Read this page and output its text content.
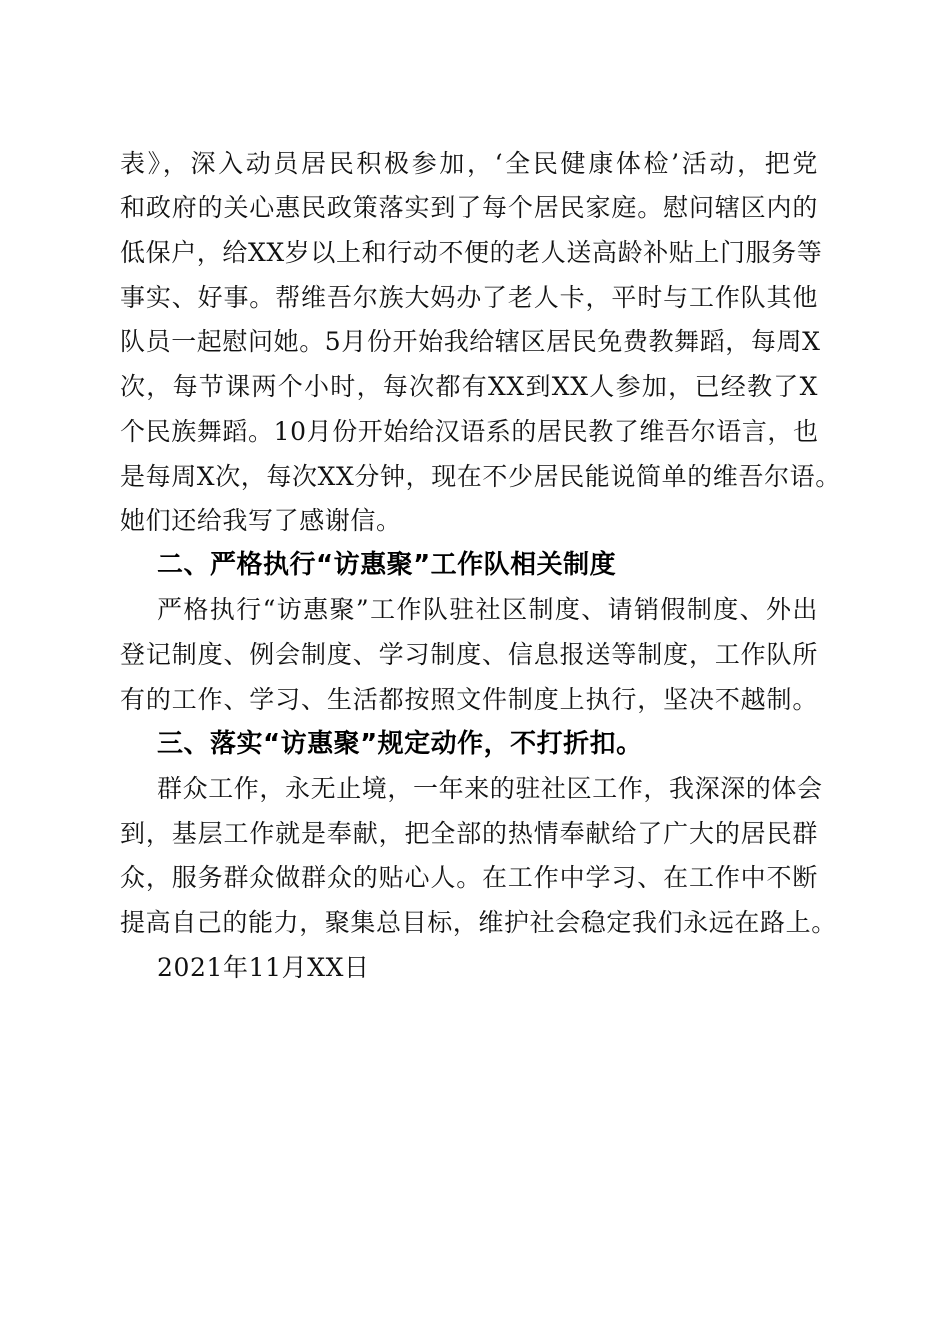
表》，深入动员居民积极参加，‘全民健康体检’活动，把党
和政府的关心惠民政策落实到了每个居民家庭。慰问辖区内的
低保户，给XX岁以上和行动不便的老人送高龄补贴上门服务等
事实、好事。帮维吾尔族大妈办了老人卡，平时与工作队其他
队员一起慰问她。5月份开始我给辖区居民免费教舞蹈，每周X
次，每节课两个小时，每次都有XX到XX人参加，已经教了X
个民族舞蹈。10月份开始给汉语系的居民教了维吾尔语言，也
是每周X次，每次XX分钟，现在不少居民能说简单的维吾尔语。
她们还给我写了感谢信。
二、严格执行“访惠聚”工作队相关制度
严格执行“访惠聚”工作队驻社区制度、请销假制度、外出
登记制度、例会制度、学习制度、信息报送等制度，工作队所
有的工作、学习、生活都按照文件制度上执行，坚决不越制。
三、落实“访惠聚”规定动作，不打折扣。
群众工作，永无止境，一年来的驻社区工作，我深深的体会
到，基层工作就是奉献，把全部的热情奉献给了广大的居民群
众，服务群众做群众的贴心人。在工作中学习、在工作中不断
提高自己的能力，聚集总目标，维护社会稳定我们永远在路上。
2021年11月XX日
